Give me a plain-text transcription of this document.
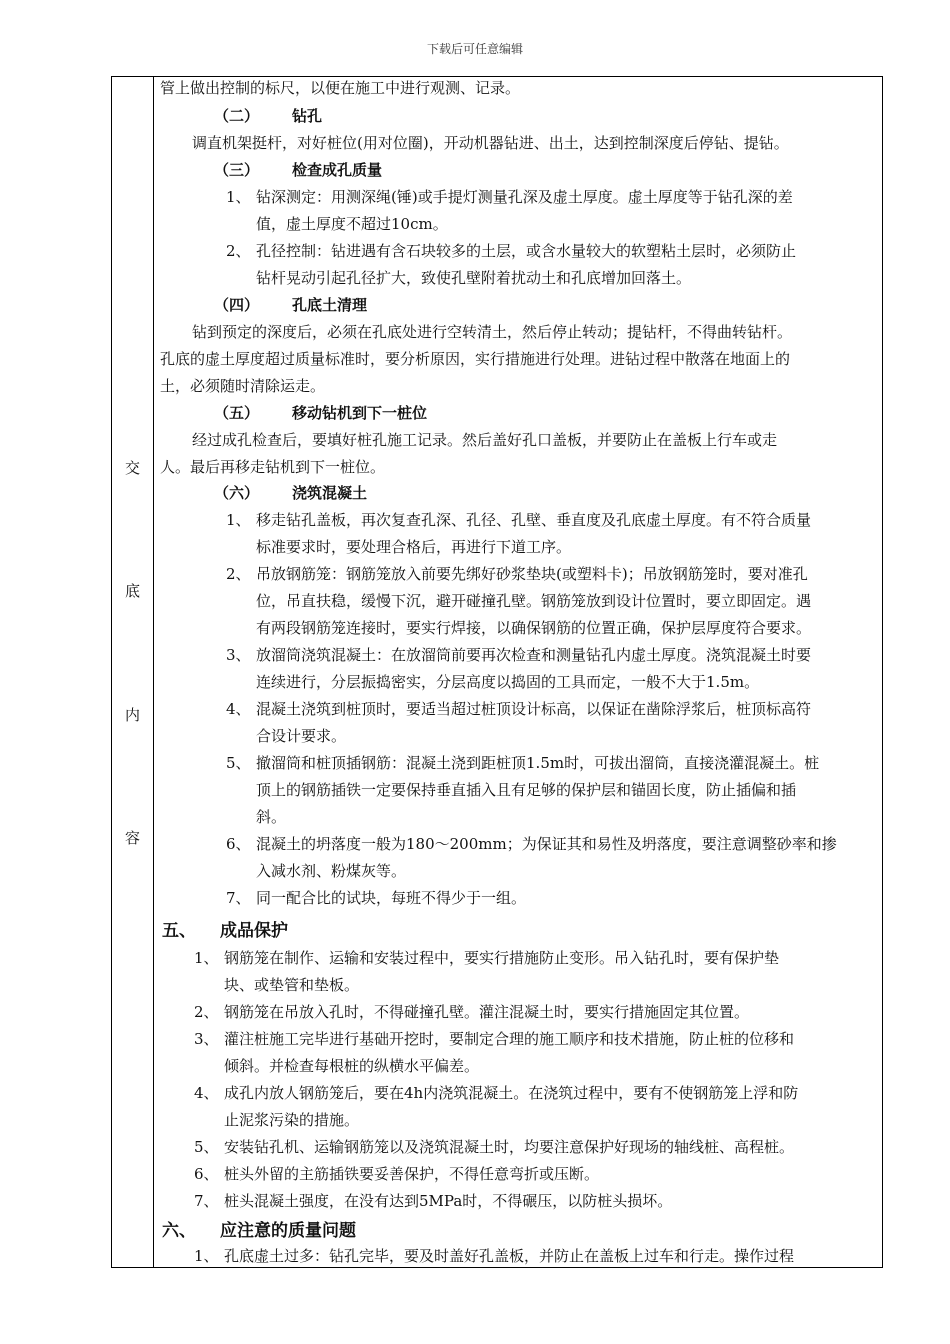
下载后可任意编辑
交
底
内
容
管上做出控制的标尺，以便在施工中进行观测、记录。
（二） 钻孔
调直机架挺杆，对好桩位(用对位圈)，开动机器钻进、出土，达到控制深度后停钻、提钻。
（三） 检查成孔质量
1、 钻深测定：用测深绳(锤)或手提灯测量孔深及虚土厚度。虚土厚度等于钻孔深的差
值，虚土厚度不超过10cm。
2、 孔径控制：钻进遇有含石块较多的土层，或含水量较大的软塑粘土层时，必须防止
钻杆晃动引起孔径扩大，致使孔壁附着扰动土和孔底增加回落土。
（四） 孔底土清理
钻到预定的深度后，必须在孔底处进行空转清土，然后停止转动；提钻杆，不得曲转钻杆。
孔底的虚土厚度超过质量标准时，要分析原因，实行措施进行处理。进钻过程中散落在地面上的
土，必须随时清除运走。
（五） 移动钻机到下一桩位
经过成孔检查后，要填好桩孔施工记录。然后盖好孔口盖板，并要防止在盖板上行车或走
人。最后再移走钻机到下一桩位。
（六） 浇筑混凝土
1、 移走钻孔盖板，再次复查孔深、孔径、孔壁、垂直度及孔底虚土厚度。有不符合质量
标准要求时，要处理合格后，再进行下道工序。
2、 吊放钢筋笼：钢筋笼放入前要先绑好砂浆垫块(或塑料卡)；吊放钢筋笼时，要对准孔
位，吊直扶稳，缓慢下沉，避开碰撞孔壁。钢筋笼放到设计位置时，要立即固定。遇
有两段钢筋笼连接时，要实行焊接，以确保钢筋的位置正确，保护层厚度符合要求。
3、 放溜筒浇筑混凝土：在放溜筒前要再次检查和测量钻孔内虚土厚度。浇筑混凝土时要
连续进行，分层振捣密实，分层高度以捣固的工具而定，一般不大于1.5m。
4、 混凝土浇筑到桩顶时，要适当超过桩顶设计标高，以保证在凿除浮浆后，桩顶标高符
合设计要求。
5、 撤溜筒和桩顶插钢筋：混凝土浇到距桩顶1.5m时，可拔出溜筒，直接浇灌混凝土。桩
顶上的钢筋插铁一定要保持垂直插入且有足够的保护层和锚固长度，防止插偏和插
斜。
6、 混凝土的坍落度一般为180～200mm；为保证其和易性及坍落度，要注意调整砂率和掺
入减水剂、粉煤灰等。
7、 同一配合比的试块，每班不得少于一组。
五、 成品保护
1、 钢筋笼在制作、运输和安装过程中，要实行措施防止变形。吊入钻孔时，要有保护垫
块、或垫管和垫板。
2、 钢筋笼在吊放入孔时，不得碰撞孔壁。灌注混凝土时，要实行措施固定其位置。
3、 灌注桩施工完毕进行基础开挖时，要制定合理的施工顺序和技术措施，防止桩的位移和
倾斜。并检查每根桩的纵横水平偏差。
4、 成孔内放人钢筋笼后，要在4h内浇筑混凝土。在浇筑过程中，要有不使钢筋笼上浮和防
止泥浆污染的措施。
5、 安装钻孔机、运输钢筋笼以及浇筑混凝土时，均要注意保护好现场的轴线桩、高程桩。
6、 桩头外留的主筋插铁要妥善保护，不得任意弯折或压断。
7、 桩头混凝土强度，在没有达到5MPa时，不得碾压，以防桩头损坏。
六、 应注意的质量问题
1、 孔底虚土过多：钻孔完毕，要及时盖好孔盖板，并防止在盖板上过车和行走。操作过程
